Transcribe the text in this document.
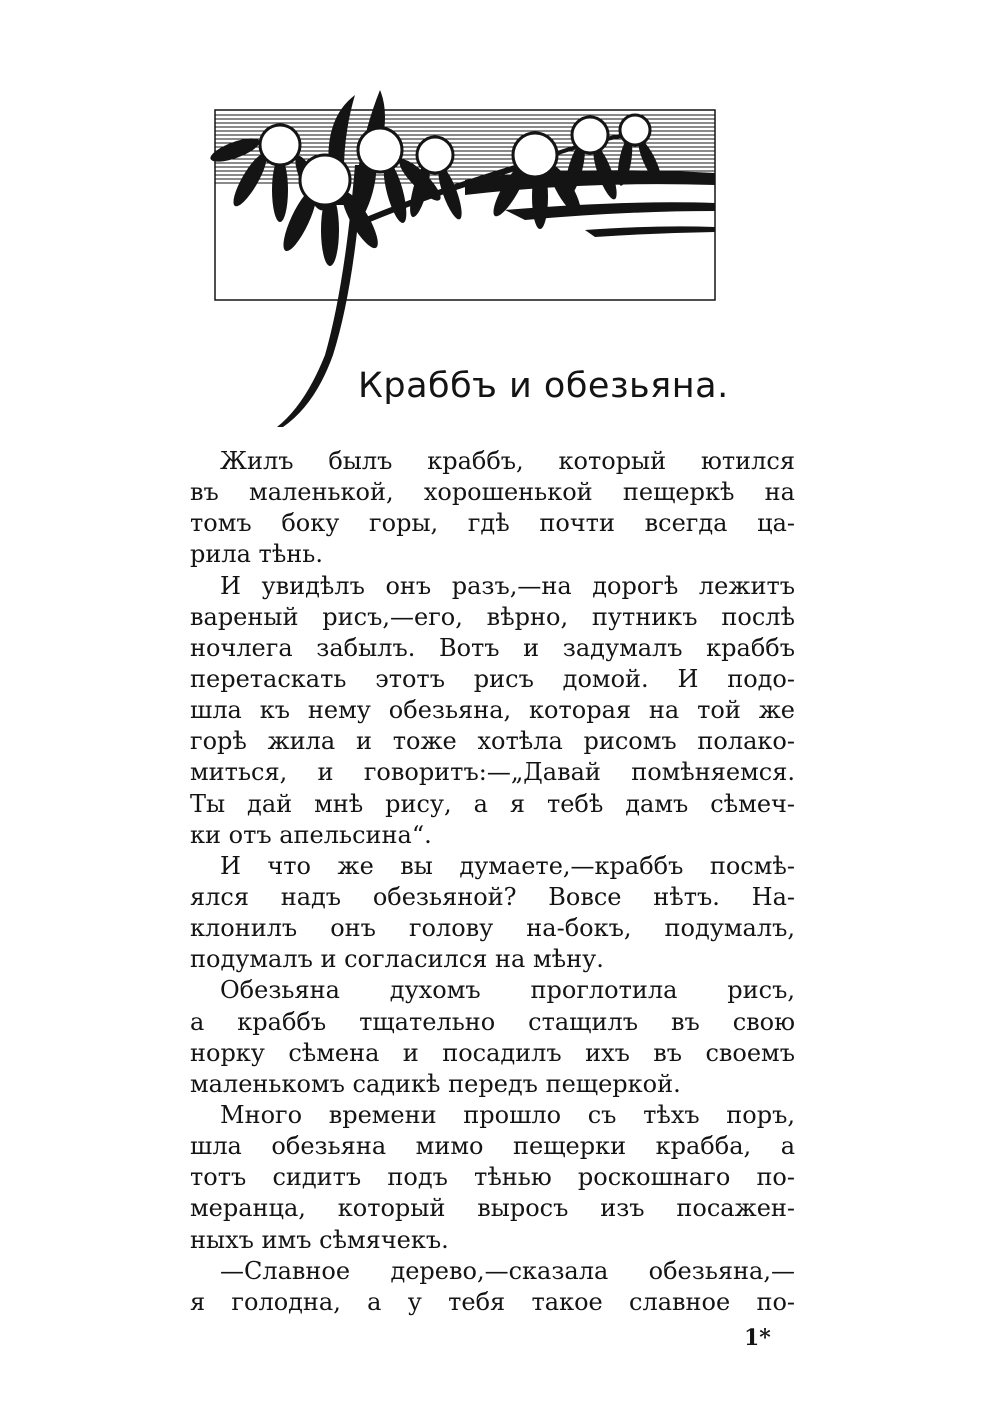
Краббъ и обезьяна.
Жилъ былъ краббъ, который ютился
въ маленькой, хорошенькой пещеркѣ на
томъ боку горы, гдѣ почти всегда ца-
рила тѣнь.
И увидѣлъ онъ разъ,—на дорогѣ лежитъ
вареный рисъ,—его, вѣрно, путникъ послѣ
ночлега забылъ. Вотъ и задумалъ краббъ
перетаскать этотъ рисъ домой. И подо-
шла къ нему обезьяна, которая на той же
горѣ жила и тоже хотѣла рисомъ полако-
миться, и говоритъ:—„Давай помѣняемся.
Ты дай мнѣ рису, а я тебѣ дамъ сѣмеч-
ки отъ апельсина“.
И что же вы думаете,—краббъ посмѣ-
ялся надъ обезьяной? Вовсе нѣтъ. На-
клонилъ онъ голову на-бокъ, подумалъ,
подумалъ и согласился на мѣну.
Обезьяна духомъ проглотила рисъ,
а краббъ тщательно стащилъ въ свою
норку сѣмена и посадилъ ихъ въ своемъ
маленькомъ садикѣ передъ пещеркой.
Много времени прошло съ тѣхъ поръ,
шла обезьяна мимо пещерки крабба, а
тотъ сидитъ подъ тѣнью роскошнаго по-
меранца, который выросъ изъ посажен-
ныхъ имъ сѣмячекъ.
—Славное дерево,—сказала обезьяна,—
я голодна, а у тебя такое славное по-
1*
